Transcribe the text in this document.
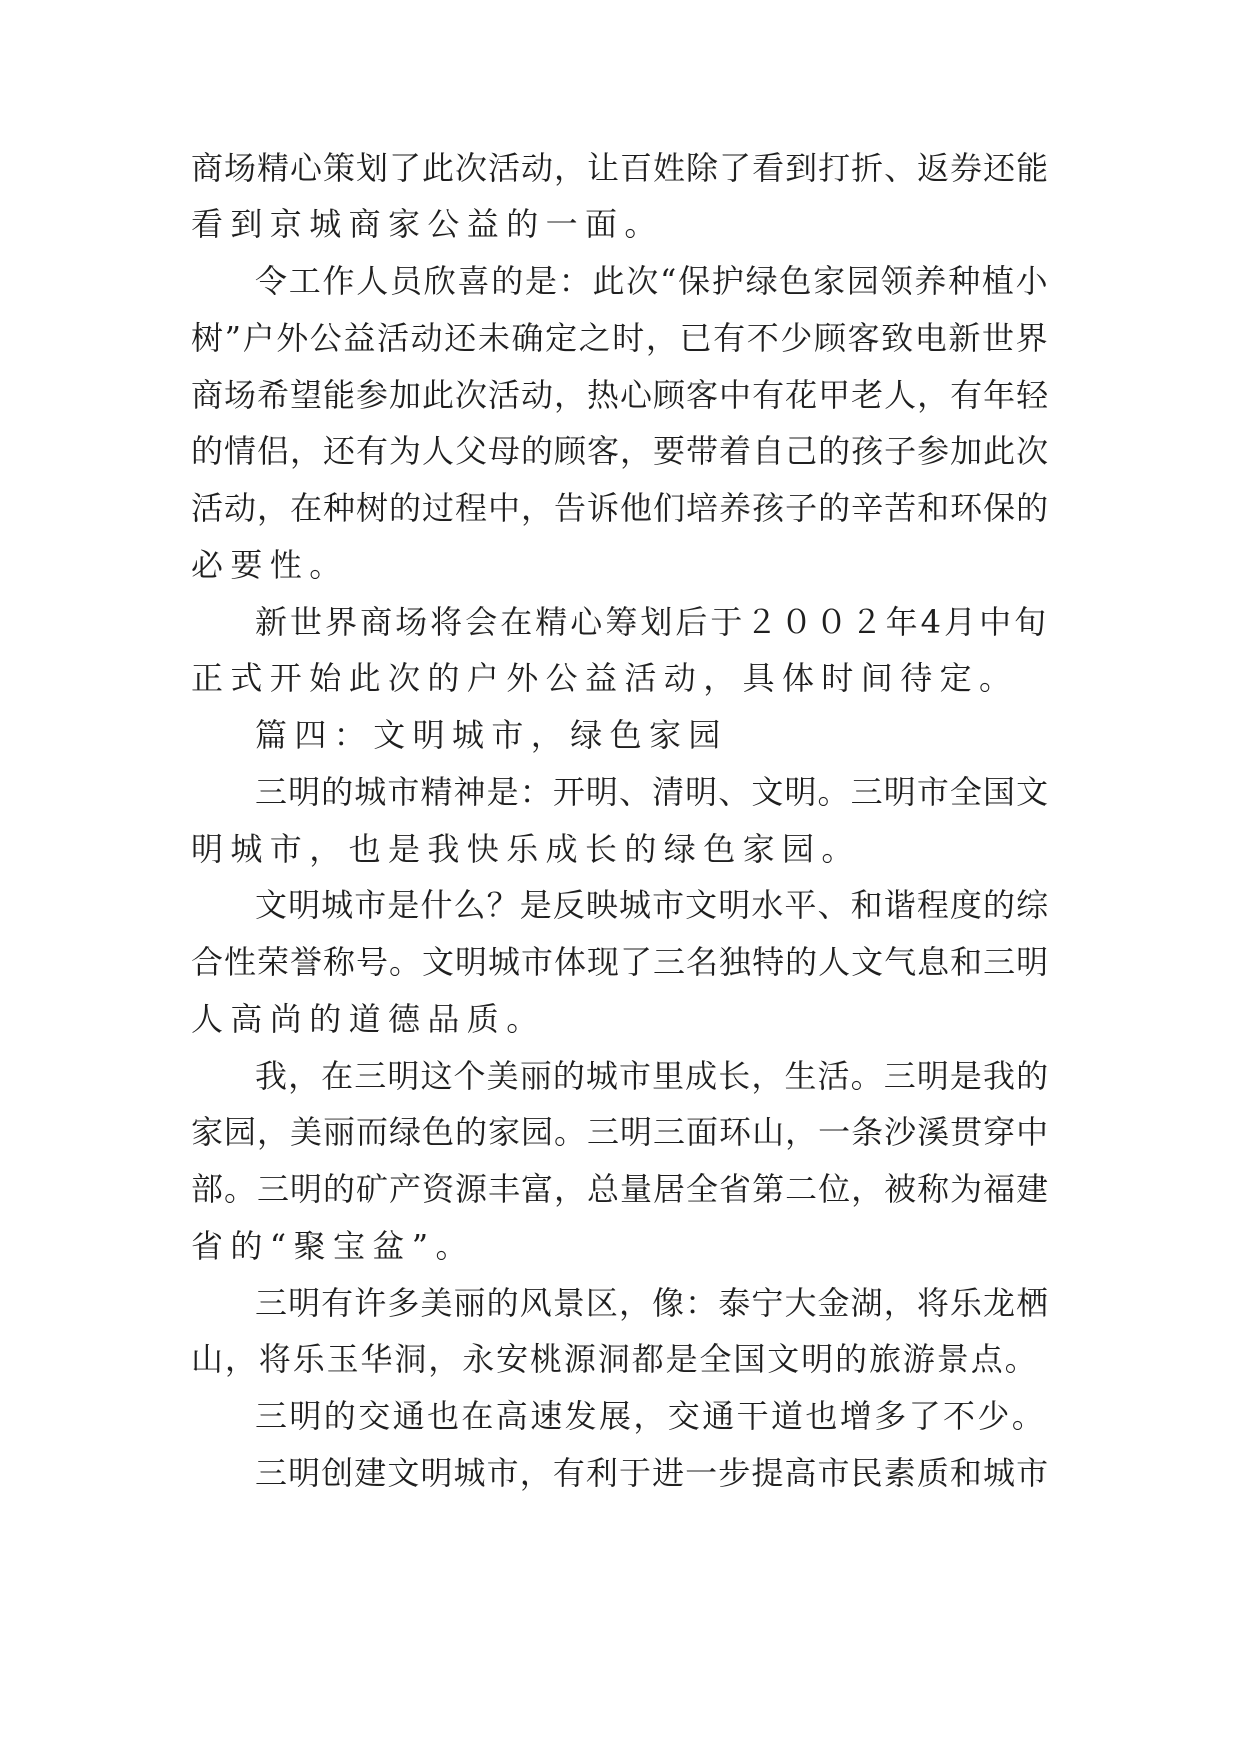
商场精心策划了此次活动，让百姓除了看到打折、返券还能
看到京城商家公益的一面。
令工作人员欣喜的是：此次“保护绿色家园领养种植小
树”户外公益活动还未确定之时，已有不少顾客致电新世界
商场希望能参加此次活动，热心顾客中有花甲老人，有年轻
的情侣，还有为人父母的顾客，要带着自己的孩子参加此次
活动，在种树的过程中，告诉他们培养孩子的辛苦和环保的
必要性。
新世界商场将会在精心筹划后于２００２年4月中旬
正式开始此次的户外公益活动，具体时间待定。
篇四：文明城市，绿色家园
三明的城市精神是：开明、清明、文明。三明市全国文
明城市，也是我快乐成长的绿色家园。
文明城市是什么？是反映城市文明水平、和谐程度的综
合性荣誉称号。文明城市体现了三名独特的人文气息和三明
人高尚的道德品质。
我，在三明这个美丽的城市里成长，生活。三明是我的
家园，美丽而绿色的家园。三明三面环山，一条沙溪贯穿中
部。三明的矿产资源丰富，总量居全省第二位，被称为福建
省的“聚宝盆”。
三明有许多美丽的风景区，像：泰宁大金湖，将乐龙栖
山，将乐玉华洞，永安桃源洞都是全国文明的旅游景点。
三明的交通也在高速发展，交通干道也增多了不少。
三明创建文明城市，有利于进一步提高市民素质和城市
